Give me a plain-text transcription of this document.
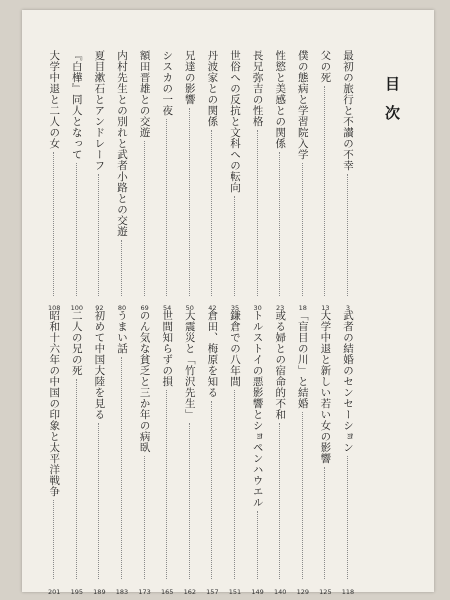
目次
最初の旅行と不讃の不幸
3
父の死
13
僕の態病と学習院入学
18
性慾と美感との関係
23
長兄弥吉の性格
30
世俗への反抗と文科への転向
35
丹波家との関係
42
兄達の影響
50
シスカの一夜
54
額田晋雄との交遊
69
内村先生との別れと武者小路との交遊
80
夏目漱石とアンドレーフ
92
『白樺』同人となって
100
大学中退と二人の女
108
武者の結婚のセンセーション
118
大学中退と新しい若い女の影響
125
「盲目の川」と結婚
129
或る婦との宿命的不和
140
トルストイの悪影響とショペンハウエル
149
鎌倉での八年間
151
倉田、梅原を知る
157
大震災と「竹沢先生」
162
世間知らずの損
165
のん気な貧乏と三か年の病臥
173
うまい話
183
初めて中国大陸を見る
189
二人の兄の死
195
昭和十六年の中国の印象と太平洋戦争
201
